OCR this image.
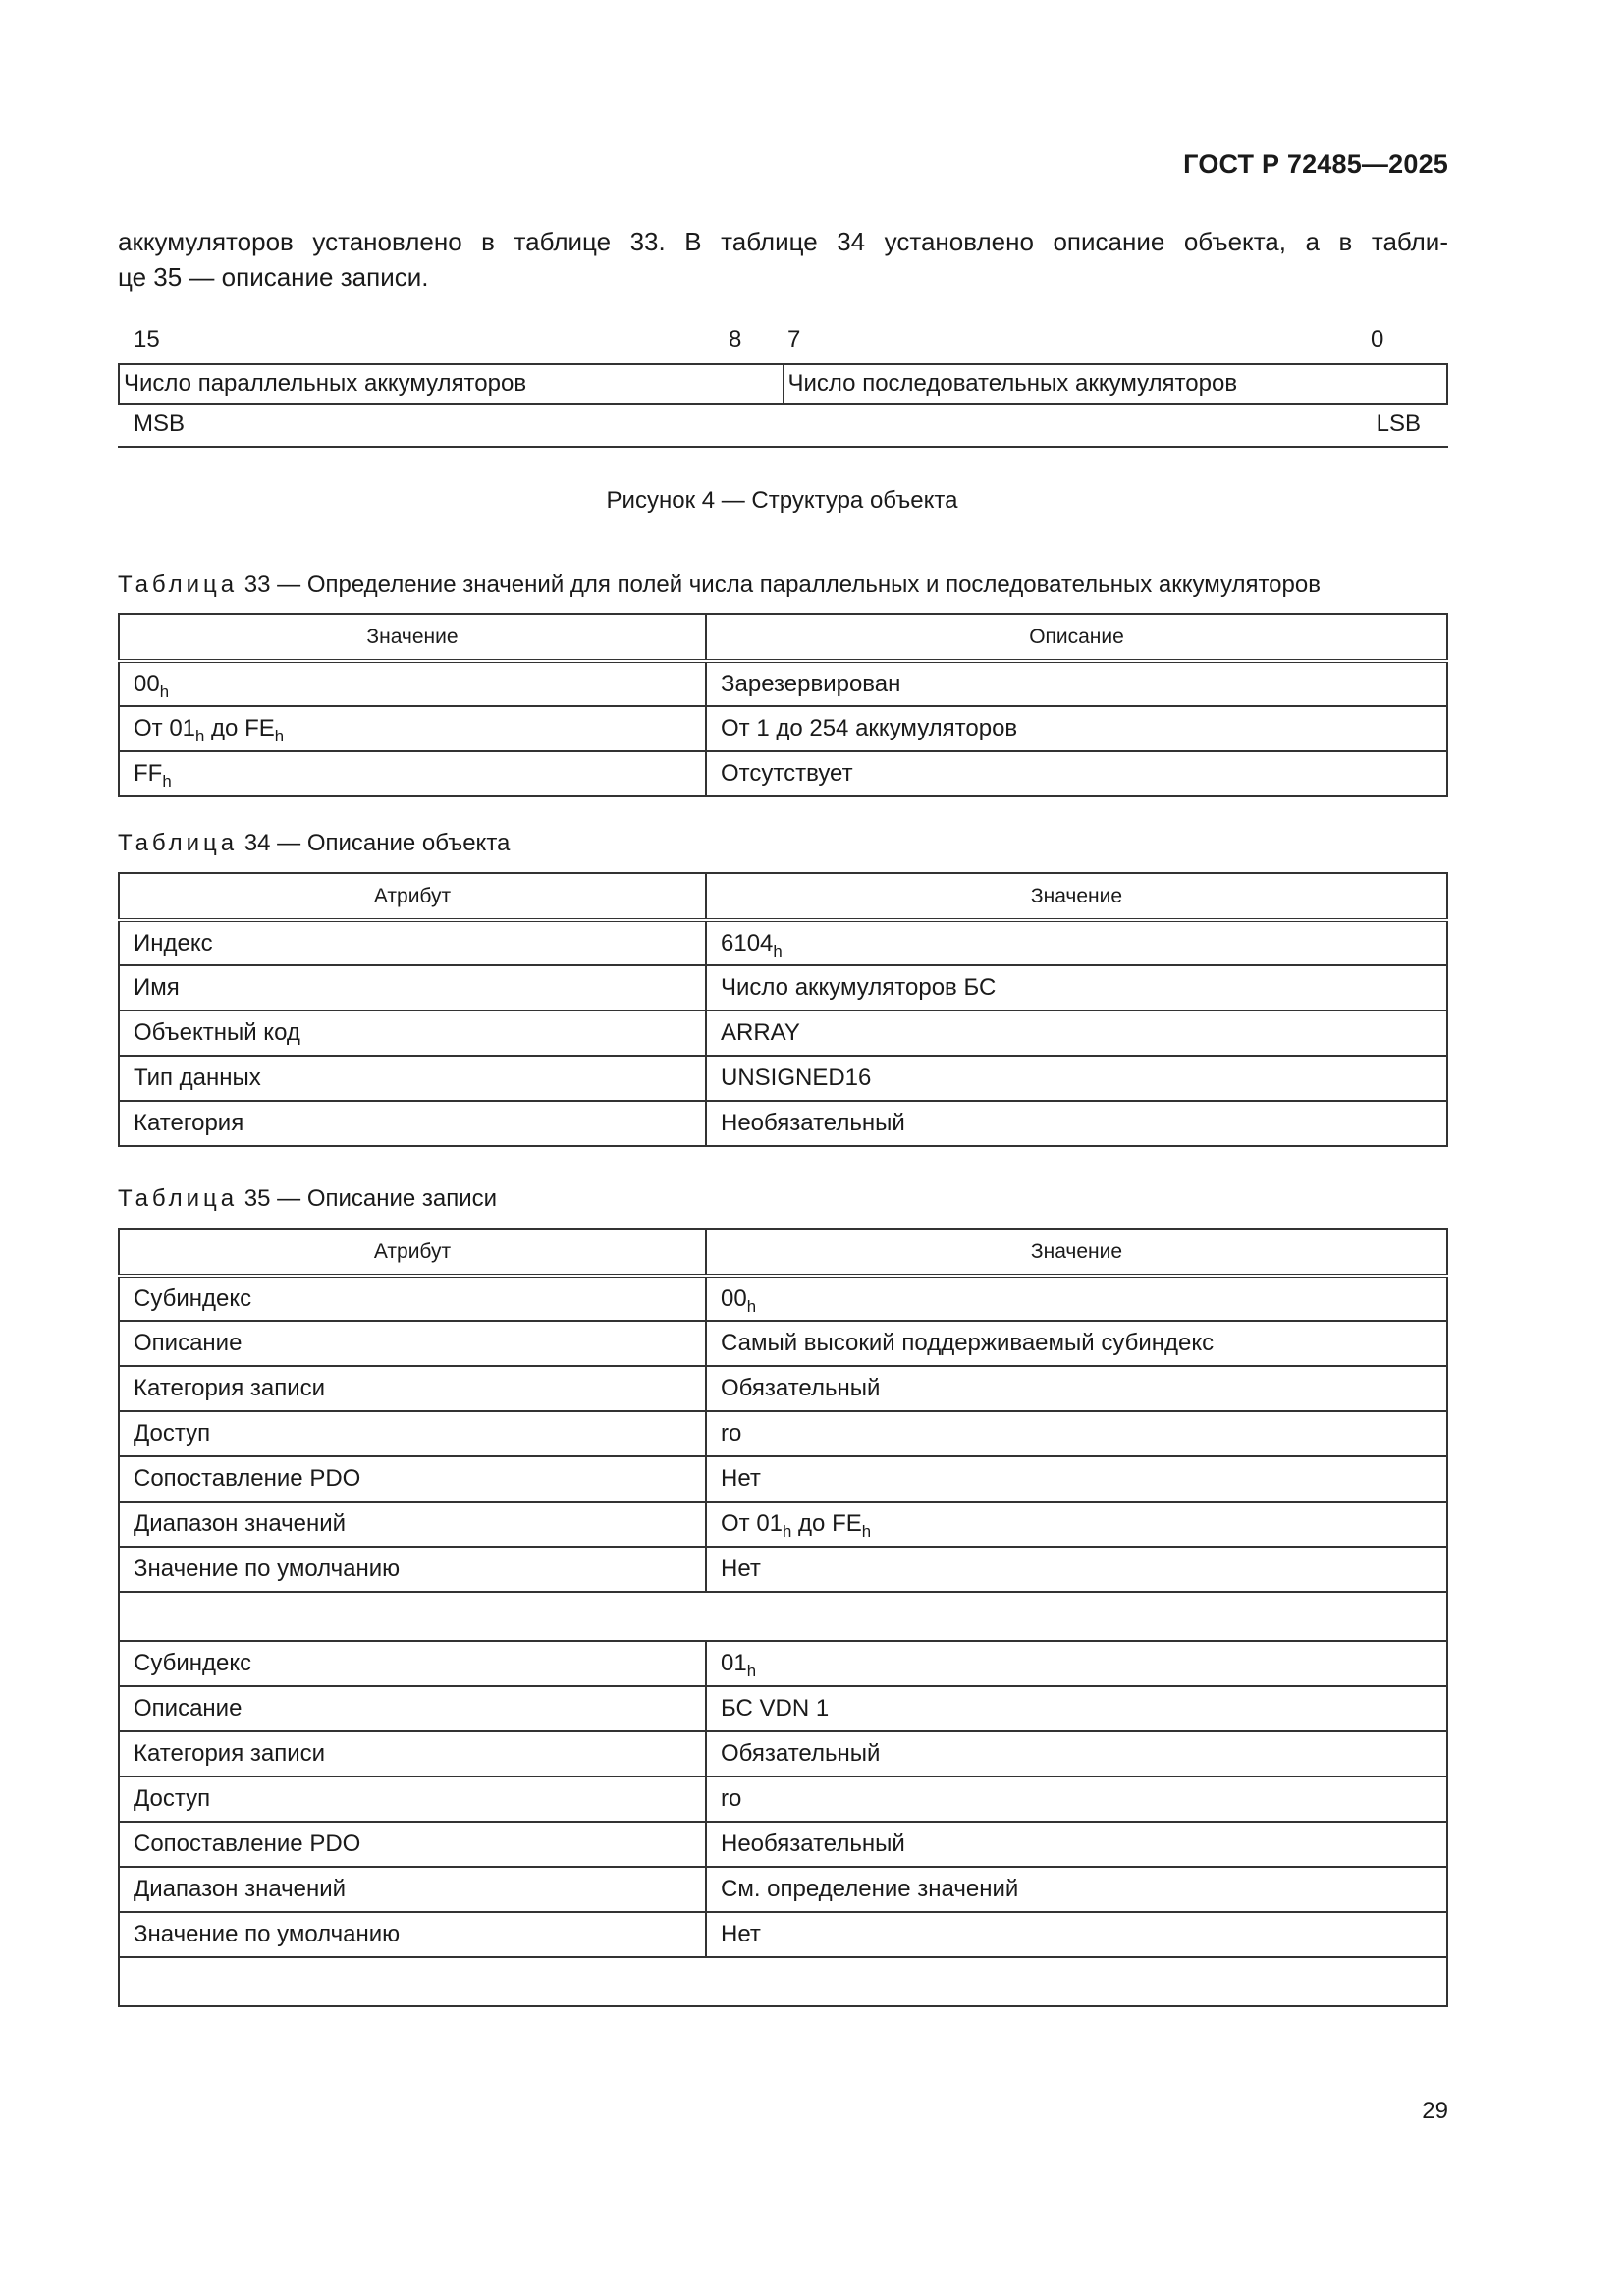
ГОСТ Р 72485—2025
аккумуляторов установлено в таблице 33. В таблице 34 установлено описание объекта, а в табли-
це 35 — описание записи.
15	8 7	0
Число параллельных аккумуляторов	Число последовательных аккумуляторов
MSB	LSB
Рисунок 4 — Структура объекта
Таблица 33 — Определение значений для полей числа параллельных и последовательных аккумуляторов
Значение	Описание
$00_h$	Зарезервирован
От $01_h$ до $FE_h$	От 1 до 254 аккумуляторов
$FF_h$	Отсутствует
Таблица 34 — Описание объекта
Атрибут	Значение
Индекс	$6104_h$
Имя	Число аккумуляторов БС
Объектный код	ARRAY
Тип данных	UNSIGNED16
Категория	Необязательный
Таблица 35 — Описание записи
Атрибут	Значение
Субиндекс	$00_h$
Описание	Самый высокий поддерживаемый субиндекс
Категория записи	Обязательный
Доступ	ro
Сопоставление PDO	Нет
Диапазон значений	От $01_h$ до $FE_h$
Значение по умолчанию	Нет

Субиндекс	$01_h$
Описание	БС VDN 1
Категория записи	Обязательный
Доступ	ro
Сопоставление PDO	Необязательный
Диапазон значений	См. определение значений
Значение по умолчанию	Нет

29
